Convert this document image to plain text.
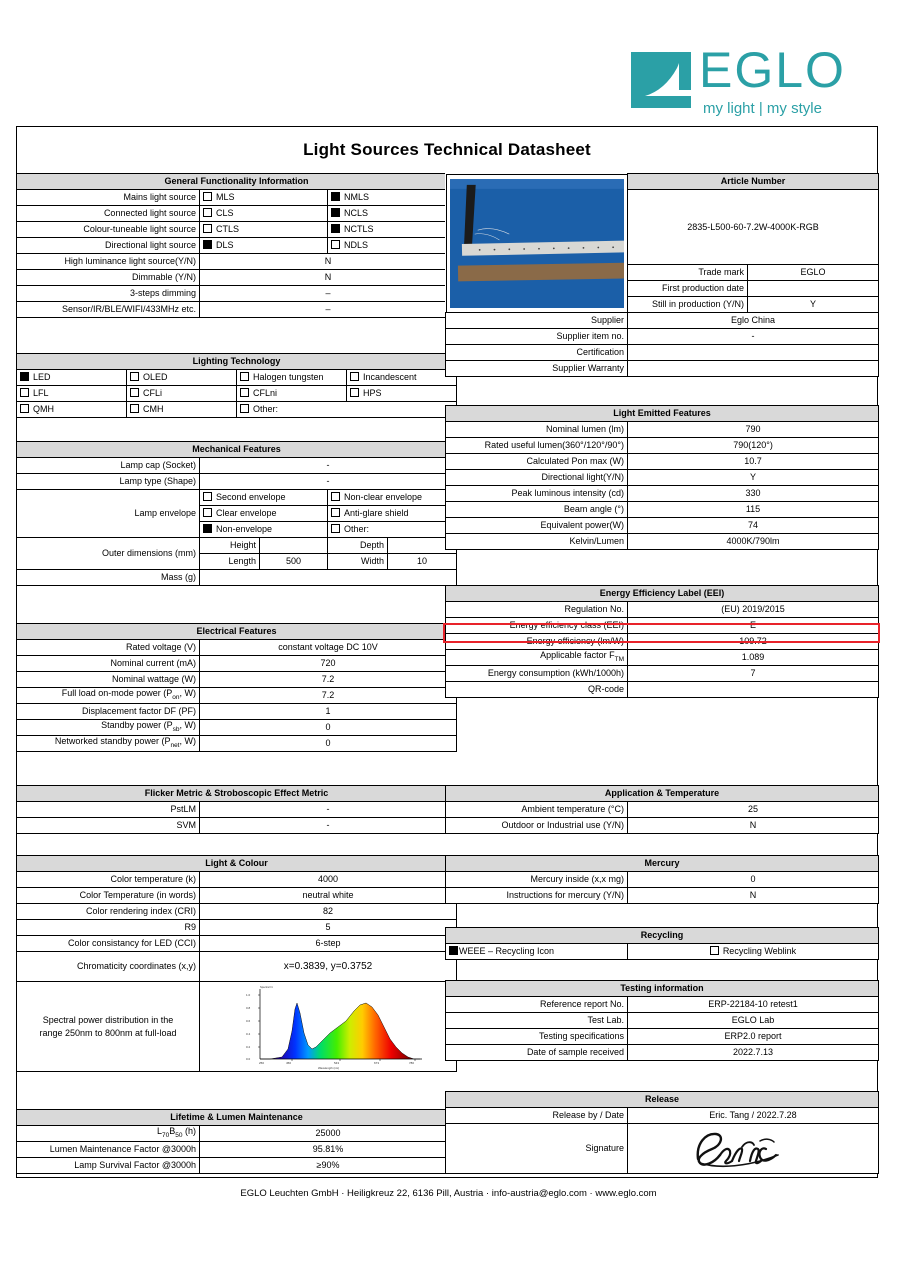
EGLO
my light | my style
Light Sources Technical Datasheet
General Functionality Information		
Mains light source	MLS	NMLS
Connected light source	CLS	NCLS
Colour-tuneable light source	CTLS	NCTLS
Directional light source	DLS	NDLS
High luminance light source(Y/N)	N	
Dimmable (Y/N)	N	
3-steps dimming	–	
Sensor/IR/BLE/WIFI/433MHz etc.	–	
Lighting Technology			
LED	OLED	Halogen tungsten	Incandescent
LFL	CFLi	CFLni	HPS
QMH	CMH	Other:	
Mechanical Features				
Lamp cap (Socket)	-			
Lamp type (Shape)	-			
Lamp envelope	Second envelope		Non-clear envelope	
	Clear envelope		Anti-glare shield	
	Non-envelope		Other:	
Outer dimensions (mm)	Height		Depth	
	Length	500	Width	10
Mass (g)				
Electrical Features	
Rated voltage (V)	constant voltage DC 10V
Nominal current (mA)	720
Nominal wattage (W)	7.2
Full load on-mode power ($P_{on}$, W)	7.2
Displacement factor DF (PF)	1
Standby power ($P_{sb}$, W)	0
Networked standby power ($P_{net}$, W)	0
Flicker Metric & Stroboscopic Effect Metric	
PstLM	-
SVM	-
Light & Colour	
Color temperature (k)	4000
Color Temperature (in words)	neutral white
Color rendering index (CRI)	82
R9	5
Color consistancy for LED (CCI)	6-step
Chromaticity coordinates (x,y)	x=0.3839, y=0.3752
Spectral power distribution in the
range 250nm to 800nm at full-load	
1.0
0.8
0.6
0.4
0.2
0.0
Spectral Irr.
250	450	543	673	780
Wavelength (nm)
Lifetime & Lumen Maintenance	
$L_{70}B_{50}$ (h)	25000
Lumen Maintenance Factor @3000h	95.81%
Lamp Survival Factor @3000h	≥90%
	Article Number	
	2835-L500-60-7.2W-4000K-RGB	
	Trade mark	EGLO
	First production date	
	Still in production (Y/N)	Y
Supplier	Eglo China	
Supplier item no.	-	
Certification		
Supplier Warranty		
Light Emitted Features	
Nominal lumen (lm)	790
Rated useful lumen(360°/120°/90°)	790(120°)
Calculated Pon max (W)	10.7
Directional light(Y/N)	Y
Peak luminous intensity (cd)	330
Beam angle (°)	115
Equivalent power(W)	74
Kelvin/Lumen	4000K/790lm
Energy Efficiency Label (EEI)	
Regulation No.	(EU) 2019/2015
Energy efficiency class (EEI)	E
Energy efficiency (lm/W)	109.72
Applicable factor $F_{TM}$	1.089
Energy consumption (kWh/1000h)	7
QR-code	
Application & Temperature	
Ambient temperature (°C)	25
Outdoor or Industrial use (Y/N)	N
Mercury	
Mercury inside (x,x mg)	0
Instructions for mercury (Y/N)	N
Recycling
WEEE – Recycling Icon	Recycling Weblink
Testing information	
Reference report No.	ERP-22184-10 retest1
Test Lab.	EGLO Lab
Testing specifications	ERP2.0 report
Date of sample received	2022.7.13
Release	
Release by / Date	Eric. Tang / 2022.7.28
Signature	
EGLO Leuchten GmbH · Heiligkreuz 22, 6136 Pill, Austria · info-austria@eglo.com · www.eglo.com
